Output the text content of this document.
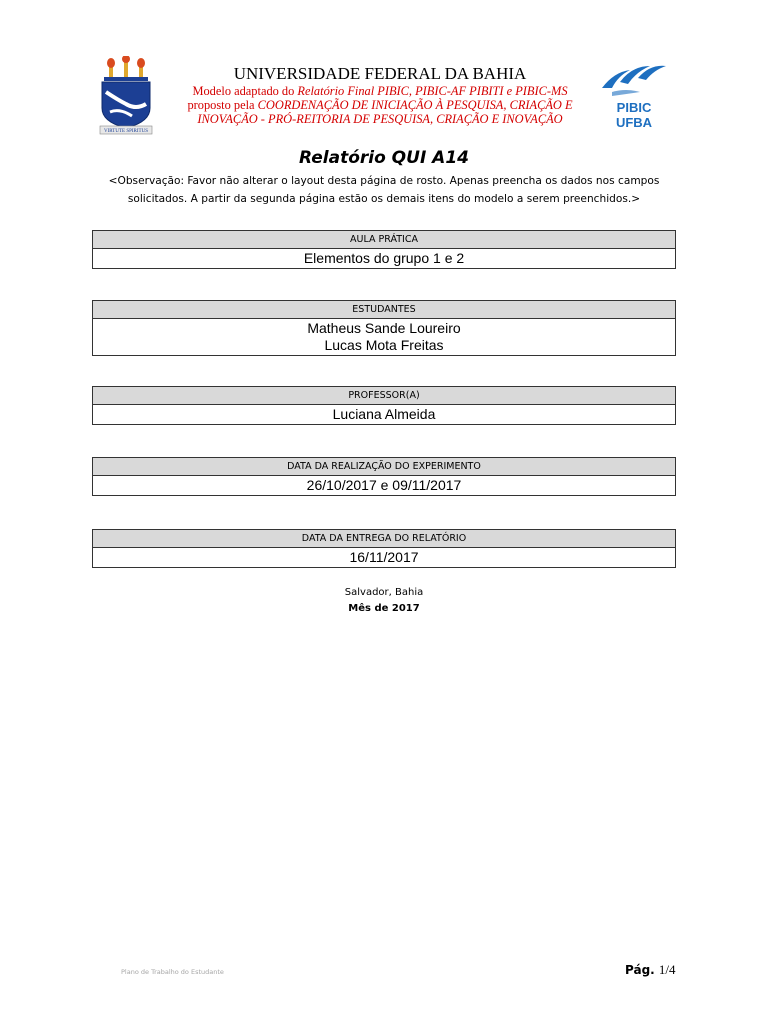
VIRTUTE SPIRITUS
UNIVERSIDADE FEDERAL DA BAHIA
Modelo adaptado do Relatório Final PIBIC, PIBIC-AF PIBITI e PIBIC-MS
proposto pela COORDENAÇÃO DE INICIAÇÃO À PESQUISA, CRIAÇÃO E
INOVAÇÃO - PRÓ-REITORIA DE PESQUISA, CRIAÇÃO E INOVAÇÃO
PIBIC
UFBA
Relatório QUI A14
<Observação: Favor não alterar o layout desta página de rosto. Apenas preencha os dados nos campos
solicitados. A partir da segunda página estão os demais itens do modelo a serem preenchidos.>
AULA PRÁTICA
Elementos do grupo 1 e 2
ESTUDANTES
Matheus Sande Loureiro
Lucas Mota Freitas
PROFESSOR(A)
Luciana Almeida
DATA DA REALIZAÇÃO DO EXPERIMENTO
26/10/2017 e 09/11/2017
DATA DA ENTREGA DO RELATÓRIO
16/11/2017
Salvador, Bahia
Mês de 2017
Plano de Trabalho do Estudante	Pág. 1/4
